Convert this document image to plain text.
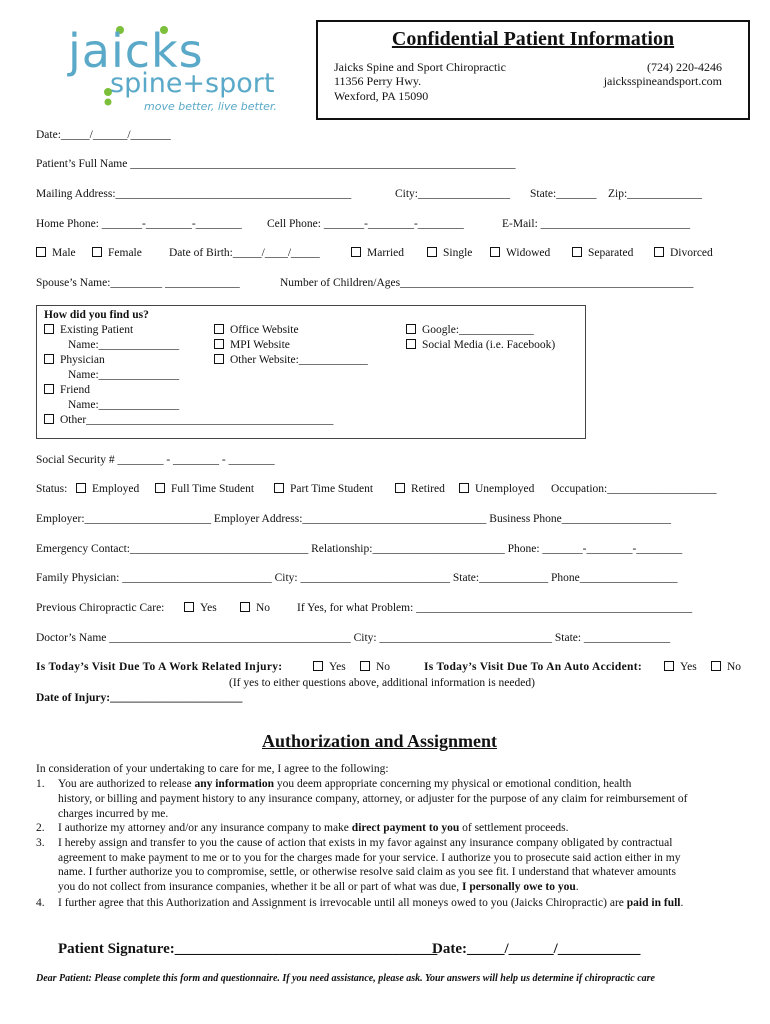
jaicks
spine+sport
move better, live better.
Confidential Patient Information
Jaicks Spine and Sport Chiropractic
11356 Perry Hwy.
Wexford, PA 15090
(724) 220-4246
jaicksspineandsport.com
Date:_____/______/_______
Patient’s Full Name ___________________________________________________________________
Mailing Address:_________________________________________	City:________________ State:_______ Zip:_____________
Home Phone: _______-________-________ Cell Phone: _______-________-________	E-Mail: __________________________
Male	Female Date of Birth:_____/____/_____	Married	Single	Widowed	Separated	Divorced
Spouse’s Name:_________ _____________	Number of Children/Ages___________________________________________________
How did you find us?
Existing Patient
Name:______________
Physician
Name:______________
Friend
Name:______________
Other___________________________________________
Office Website
MPI Website
Other Website:____________
Google:_____________
Social Media (i.e. Facebook)
Social Security # ________ - ________ - ________
Status:	Employed	Full Time Student	Part Time Student	Retired	Unemployed Occupation:___________________
Employer:______________________ Employer Address:________________________________ Business Phone___________________
Emergency Contact:_______________________________ Relationship:_______________________ Phone: _______-________-________
Family Physician: __________________________ City: __________________________ State:____________ Phone_________________
Previous Chiropractic Care:	Yes	No If Yes, for what Problem: ________________________________________________
Doctor’s Name __________________________________________ City: ______________________________ State: _______________
Is Today’s Visit Due To A Work Related Injury:	Yes	No	Is Today’s Visit Due To An Auto Accident:	Yes	No
(If yes to either questions above, additional information is needed)
Date of Injury:_______________________
Authorization and Assignment
In consideration of your undertaking to care for me, I agree to the following:
1. You are authorized to release any information you deem appropriate concerning my physical or emotional condition, health
history, or billing and payment history to any insurance company, attorney, or adjuster for the purpose of any claim for reimbursement of
charges incurred by me.
2. I authorize my attorney and/or any insurance company to make direct payment to you of settlement proceeds.
3. I hereby assign and transfer to you the cause of action that exists in my favor against any insurance company obligated by contractual
agreement to make payment to me or to you for the charges made for your service. I authorize you to prosecute said action either in my
name. I further authorize you to compromise, settle, or otherwise resolve said claim as you see fit. I understand that whatever amounts
you do not collect from insurance companies, whether it be all or part of what was due, I personally owe to you.
4. I further agree that this Authorization and Assignment is irrevocable until all moneys owed to you (Jaicks Chiropractic) are paid in full.
Patient Signature:___________________________________
Date:_____/______/___________
Dear Patient: Please complete this form and questionnaire. If you need assistance, please ask. Your answers will help us determine if chiropractic care
